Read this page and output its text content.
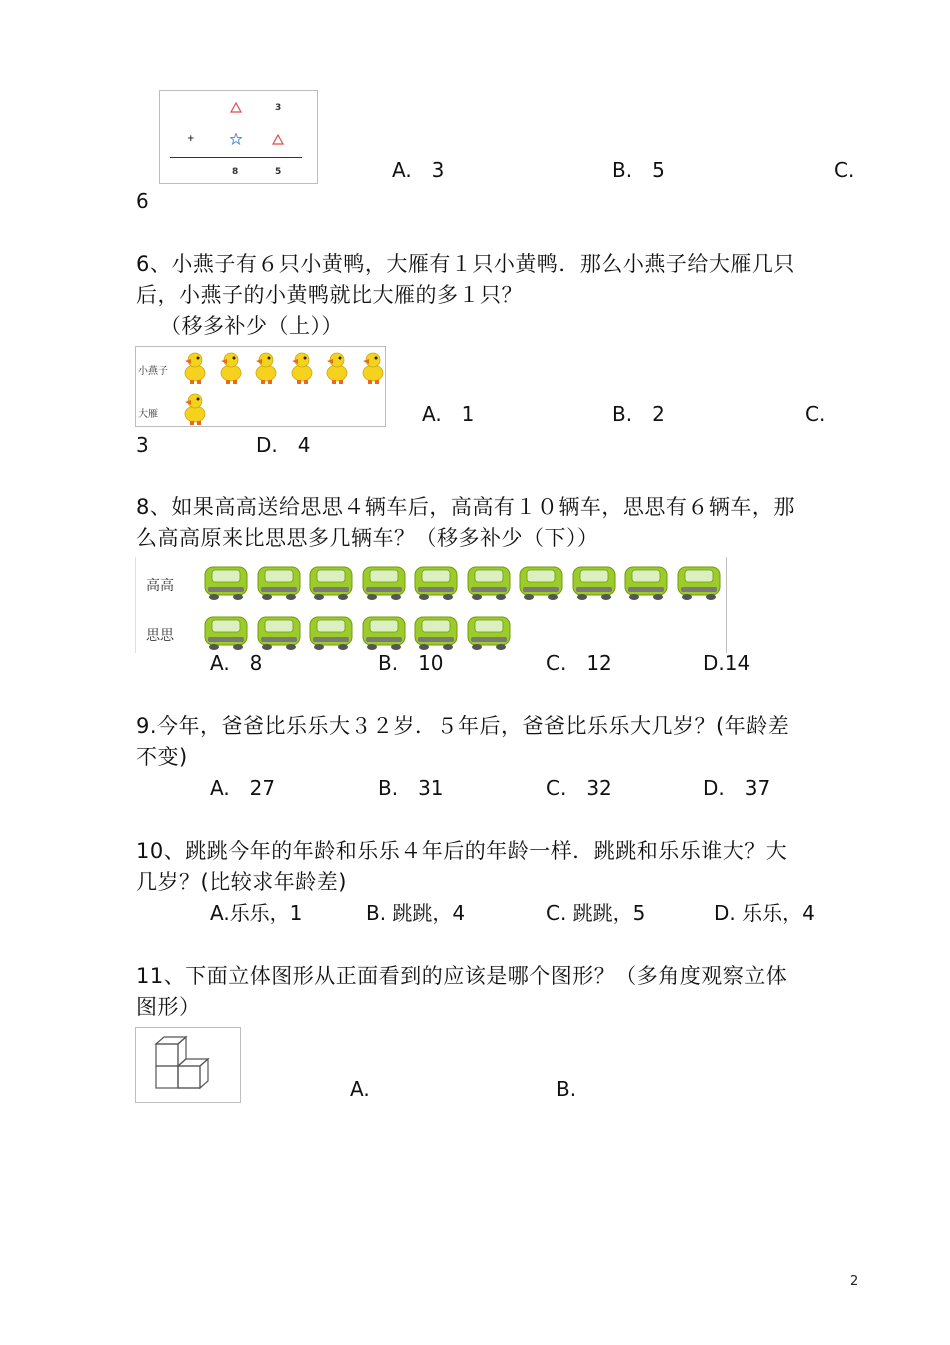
3
+
8	5	A.　3	B.　5	C.
6
6、小燕子有６只小黄鸭，大雁有１只小黄鸭．那么小燕子给大雁几只
后，小燕子的小黄鸭就比大雁的多１只？
（移多补少（上））
小燕子
大雁	A.　1	B.　2	C.
3	D.　4
8、如果高高送给思思４辆车后，高高有１０辆车，思思有６辆车，那
么高高原来比思思多几辆车？（移多补少（下））
高高
思思
A.　8	B.　10	C.　12	D.14
9.今年，爸爸比乐乐大３２岁．５年后，爸爸比乐乐大几岁？(年龄差
不变)
A.　27	B.　31	C.　32	D.　37
10、跳跳今年的年龄和乐乐４年后的年龄一样．跳跳和乐乐谁大？大
几岁？(比较求年龄差)
A.乐乐，1	B. 跳跳，4	C. 跳跳，5	D. 乐乐，4
11、下面立体图形从正面看到的应该是哪个图形？（多角度观察立体
图形）
A.	B.
2
